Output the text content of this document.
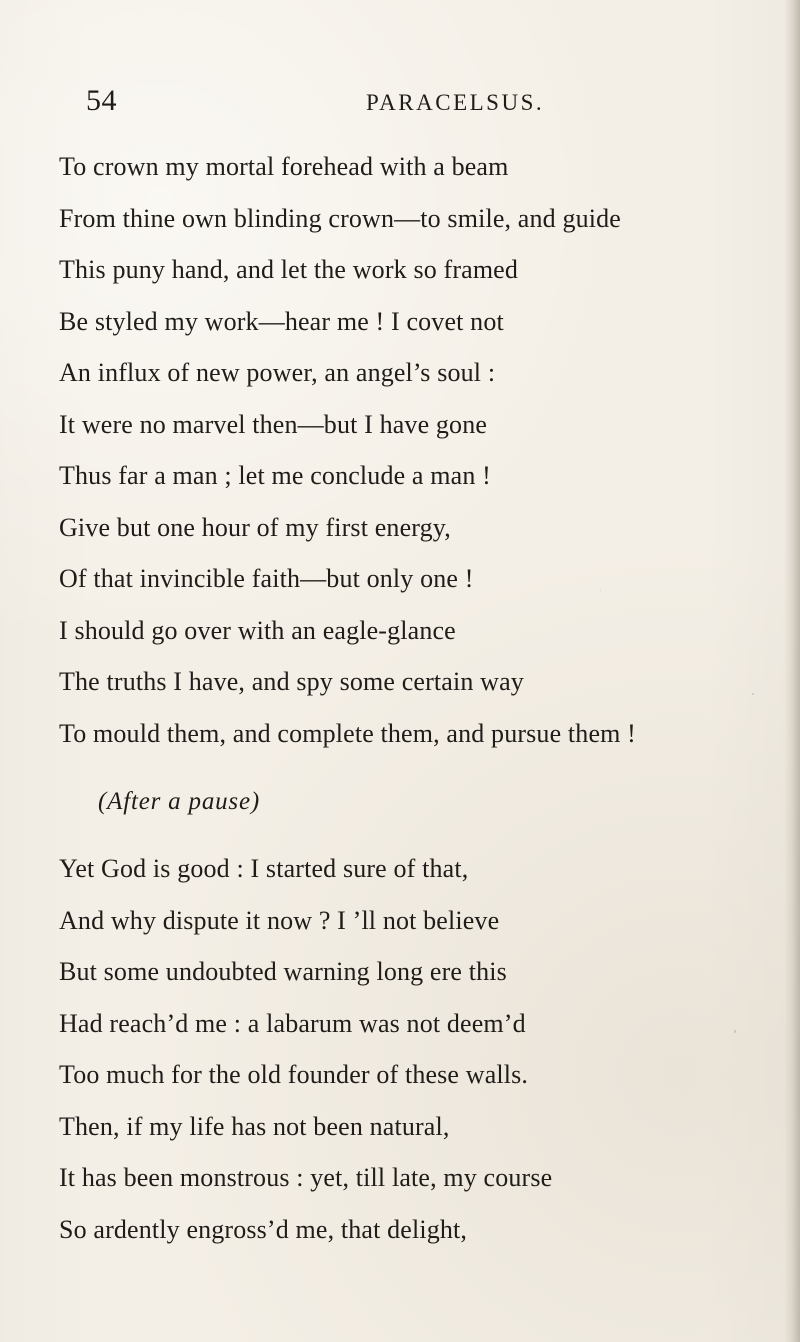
54	PARACELSUS.
To crown my mortal forehead with a beam
From thine own blinding crown—to smile, and guide
This puny hand, and let the work so framed
Be styled my work—hear me ! I covet not
An influx of new power, an angel’s soul :
It were no marvel then—but I have gone
Thus far a man ; let me conclude a man !
Give but one hour of my first energy,
Of that invincible faith—but only one !
I should go over with an eagle-glance
The truths I have, and spy some certain way
To mould them, and complete them, and pursue them !
(After a pause)
Yet God is good : I started sure of that,
And why dispute it now ? I ’ll not believe
But some undoubted warning long ere this
Had reach’d me : a labarum was not deem’d
Too much for the old founder of these walls.
Then, if my life has not been natural,
It has been monstrous : yet, till late, my course
So ardently engross’d me, that delight,
